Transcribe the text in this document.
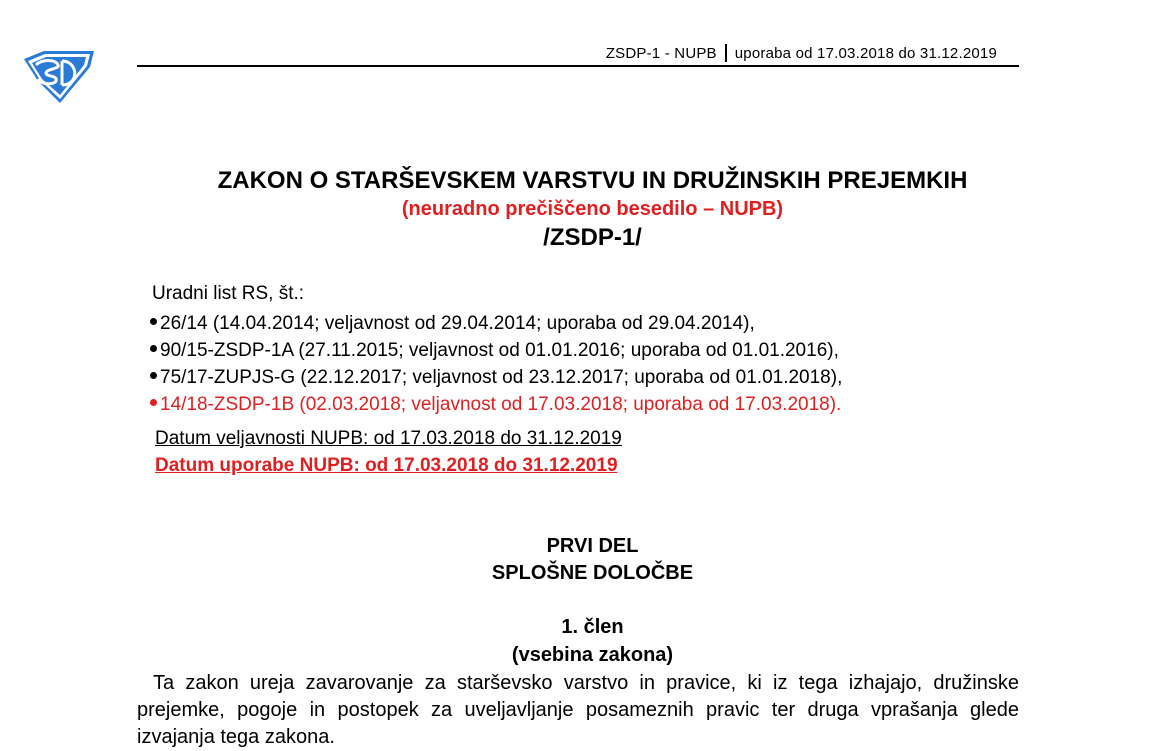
ZSDP-1 - NUPB uporaba od 17.03.2018 do 31.12.2019
ZAKON O STARŠEVSKEM VARSTVU IN DRUŽINSKIH PREJEMKIH
(neuradno prečiščeno besedilo – NUPB)
/ZSDP-1/
Uradni list RS, št.:
26/14 (14.04.2014; veljavnost od 29.04.2014; uporaba od 29.04.2014),
90/15-ZSDP-1A (27.11.2015; veljavnost od 01.01.2016; uporaba od 01.01.2016),
75/17-ZUPJS-G (22.12.2017; veljavnost od 23.12.2017; uporaba od 01.01.2018),
14/18-ZSDP-1B (02.03.2018; veljavnost od 17.03.2018; uporaba od 17.03.2018).
Datum veljavnosti NUPB: od 17.03.2018 do 31.12.2019
Datum uporabe NUPB: od 17.03.2018 do 31.12.2019
PRVI DEL
SPLOŠNE DOLOČBE
1. člen
(vsebina zakona)
Ta zakon ureja zavarovanje za starševsko varstvo in pravice, ki iz tega izhajajo, družinske prejemke, pogoje in postopek za uveljavljanje posameznih pravic ter druga vprašanja glede izvajanja tega zakona.
